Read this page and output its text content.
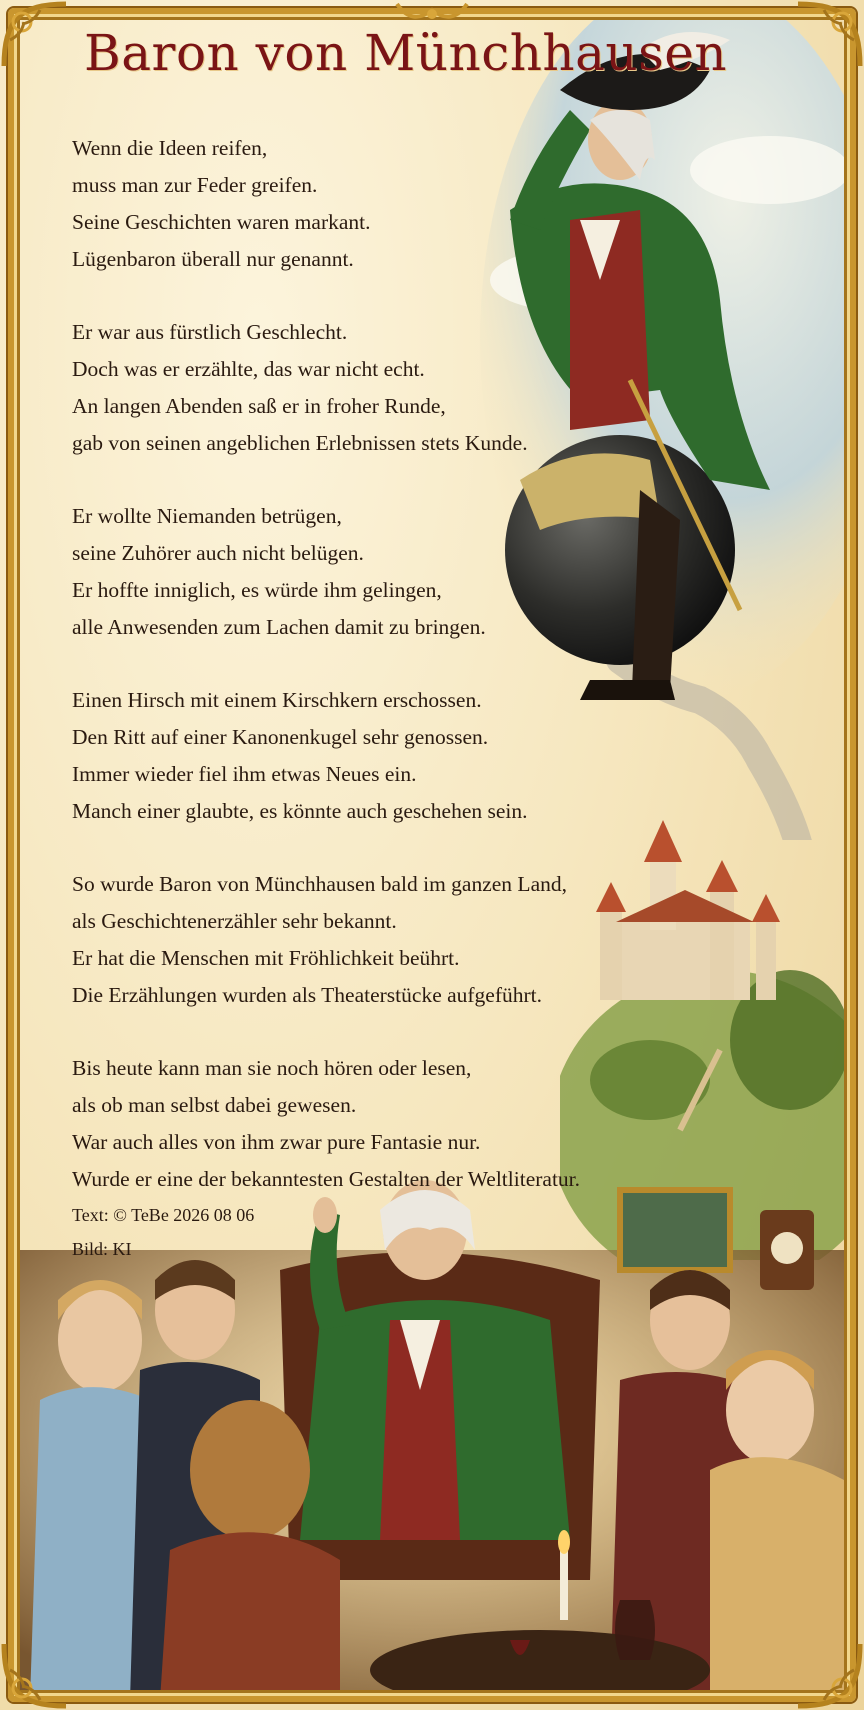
Baron von Münchhausen
Wenn die Ideen reifen,
muss man zur Feder greifen.
Seine Geschichten waren markant.
Lügenbaron überall nur genannt.
Er war aus fürstlich Geschlecht.
Doch was er erzählte, das war nicht echt.
An langen Abenden saß er in froher Runde,
gab von seinen angeblichen Erlebnissen stets Kunde.
Er wollte Niemanden betrügen,
seine Zuhörer auch nicht belügen.
Er hoffte inniglich, es würde ihm gelingen,
alle Anwesenden zum Lachen damit zu bringen.
Einen Hirsch mit einem Kirschkern erschossen.
Den Ritt auf einer Kanonenkugel sehr genossen.
Immer wieder fiel ihm etwas Neues ein.
Manch einer glaubte, es könnte auch geschehen sein.
So wurde Baron von Münchhausen bald im ganzen Land,
als Geschichtenerzähler sehr bekannt.
Er hat die Menschen mit Fröhlichkeit beührt.
Die Erzählungen wurden als Theaterstücke aufgeführt.
Bis heute kann man sie noch hören oder lesen,
als ob man selbst dabei gewesen.
War auch alles von ihm zwar pure Fantasie nur.
Wurde er eine der bekanntesten Gestalten der Weltliteratur.
Text: © TeBe 2026 08 06
Bild: KI
